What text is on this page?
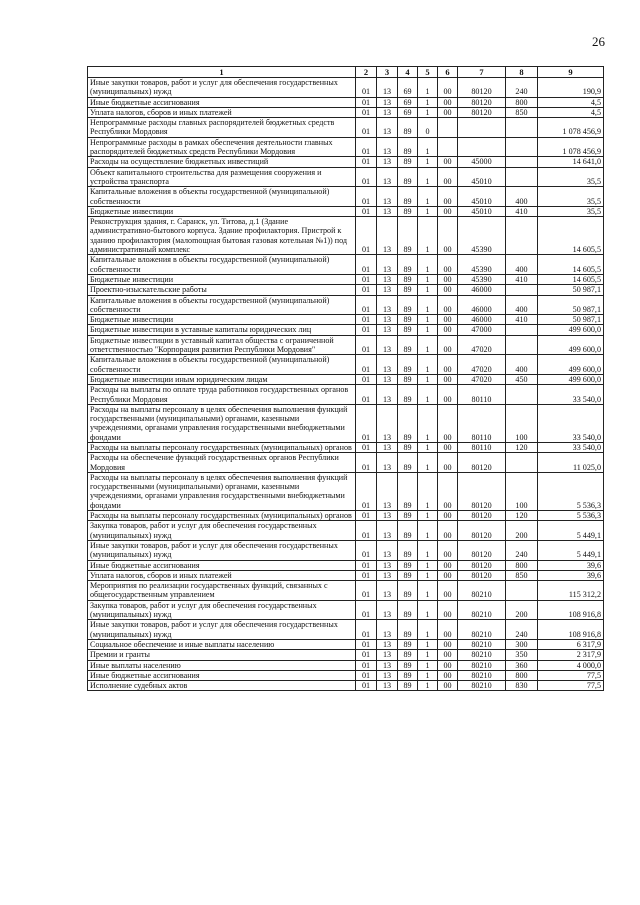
26
1	2	3	4	5	6	7	8	9
Иные закупки товаров, работ и услуг для обеспечения государственных (муниципальных) нужд	01	13	69	1	00	80120	240	190,9
Иные бюджетные ассигнования	01	13	69	1	00	80120	800	4,5
Уплата налогов, сборов и иных платежей	01	13	69	1	00	80120	850	4,5
Непрограммные расходы главных распорядителей бюджетных средств Республики Мордовия	01	13	89	0				1 078 456,9
Непрограммные расходы в рамках обеспечения деятельности главных распорядителей бюджетных средств Республики Мордовия	01	13	89	1				1 078 456,9
Расходы на осуществление бюджетных инвестиций	01	13	89	1	00	45000		14 641,0
Объект капитального строительства для размещения сооружения и устройства транспорта	01	13	89	1	00	45010		35,5
Капитальные вложения в объекты государственной (муниципальной) собственности	01	13	89	1	00	45010	400	35,5
Бюджетные инвестиции	01	13	89	1	00	45010	410	35,5
Реконструкция здания, г. Саранск, ул. Титова, д.1 (Здание административно-бытового корпуса. Здание профилактория. Пристрой к зданию профилактория (малomoщная бытовая газовая котельная №1)) под административный комплекс	01	13	89	1	00	45390		14 605,5
Капитальные вложения в объекты государственной (муниципальной) собственности	01	13	89	1	00	45390	400	14 605,5
Бюджетные инвестиции	01	13	89	1	00	45390	410	14 605,5
Проектно-изыскательские работы	01	13	89	1	00	46000		50 987,1
Капитальные вложения в объекты государственной (муниципальной) собственности	01	13	89	1	00	46000	400	50 987,1
Бюджетные инвестиции	01	13	89	1	00	46000	410	50 987,1
Бюджетные инвестиции в уставные капиталы юридических лиц	01	13	89	1	00	47000		499 600,0
Бюджетные инвестиции в уставный капитал общества с ограниченной ответственностью "Корпорация развития Республики Мордовия"	01	13	89	1	00	47020		499 600,0
Капитальные вложения в объекты государственной (муниципальной) собственности	01	13	89	1	00	47020	400	499 600,0
Бюджетные инвестиции иным юридическим лицам	01	13	89	1	00	47020	450	499 600,0
Расходы на выплаты по оплате труда работников государственных органов Республики Мордовия	01	13	89	1	00	80110		33 540,0
Расходы на выплаты персоналу в целях обеспечения выполнения функций государственными (муниципальными) органами, казенными учреждениями, органами управления государственными внебюджетными фондами	01	13	89	1	00	80110	100	33 540,0
Расходы на выплаты персоналу государственных (муниципальных) органов	01	13	89	1	00	80110	120	33 540,0
Расходы на обеспечение функций государственных органов Республики Мордовия	01	13	89	1	00	80120		11 025,0
Расходы на выплаты персоналу в целях обеспечения выполнения функций государственными (муниципальными) органами, казенными учреждениями, органами управления государственными внебюджетными фондами	01	13	89	1	00	80120	100	5 536,3
Расходы на выплаты персоналу государственных (муниципальных) органов	01	13	89	1	00	80120	120	5 536,3
Закупка товаров, работ и услуг для обеспечения государственных (муниципальных) нужд	01	13	89	1	00	80120	200	5 449,1
Иные закупки товаров, работ и услуг для обеспечения государственных (муниципальных) нужд	01	13	89	1	00	80120	240	5 449,1
Иные бюджетные ассигнования	01	13	89	1	00	80120	800	39,6
Уплата налогов, сборов и иных платежей	01	13	89	1	00	80120	850	39,6
Мероприятия по реализации государственных функций, связанных с общегосударственным управлением	01	13	89	1	00	80210		115 312,2
Закупка товаров, работ и услуг для обеспечения государственных (муниципальных) нужд	01	13	89	1	00	80210	200	108 916,8
Иные закупки товаров, работ и услуг для обеспечения государственных (муниципальных) нужд	01	13	89	1	00	80210	240	108 916,8
Социальное обеспечение и иные выплаты населению	01	13	89	1	00	80210	300	6 317,9
Премии и гранты	01	13	89	1	00	80210	350	2 317,9
Иные выплаты населению	01	13	89	1	00	80210	360	4 000,0
Иные бюджетные ассигнования	01	13	89	1	00	80210	800	77,5
Исполнение судебных актов	01	13	89	1	00	80210	830	77,5
